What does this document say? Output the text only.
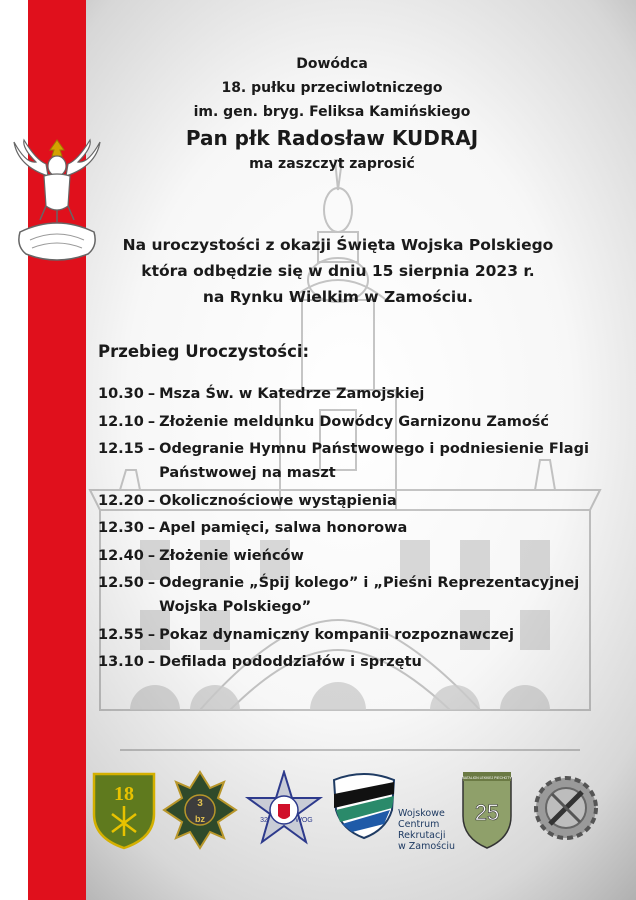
Dowódca
18. pułku przeciwlotniczego
im. gen. bryg. Feliksa Kamińskiego
Pan płk Radosław KUDRAJ
ma zaszczyt zaprosić
Na uroczystości z okazji Święta Wojska Polskiego
która odbędzie się w dniu 15 sierpnia 2023 r.
na Rynku Wielkim w Zamościu.
Przebieg Uroczystości:
10.30 – Msza Św. w Katedrze Zamojskiej
12.10 – Złożenie meldunku Dowódcy Garnizonu Zamość
12.15 – Odegranie Hymnu Państwowego i podniesienie Flagi Państwowej na maszt
12.20 – Okolicznościowe wystąpienia
12.30 – Apel pamięci, salwa honorowa
12.40 – Złożenie wieńców
12.50 – Odegranie „Śpij kolego” i „Pieśni Reprezentacyjnej Wojska Polskiego”
12.55 – Pokaz dynamiczny kompanii rozpoznawczej
13.10 – Defilada pododdziałów i sprzętu
18	3
bz	32	WOG
BATALION LEKKIEJ PIECHOTY
25
Wojskowe
Centrum
Rekrutacji
w Zamościu
